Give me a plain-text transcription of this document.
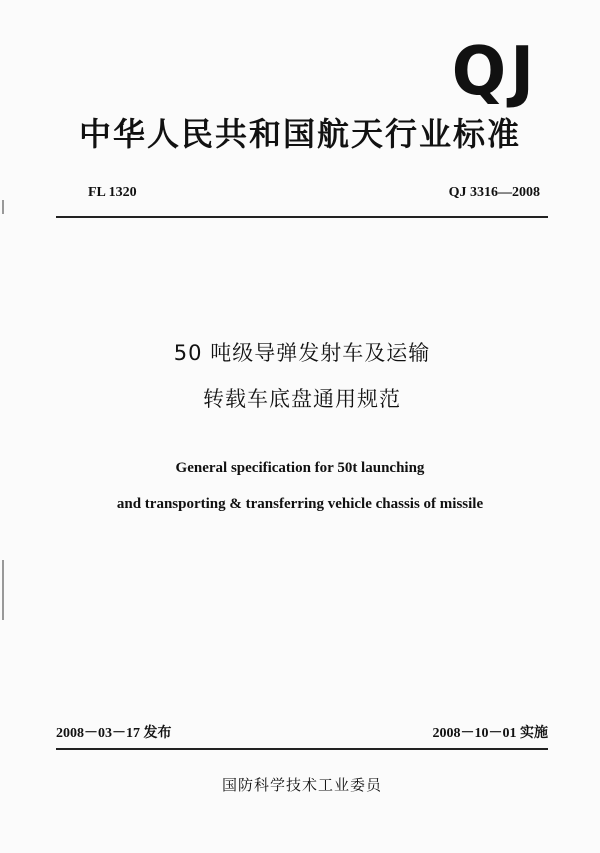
QJ
中华人民共和国航天行业标准
FL 1320	QJ 3316—2008
50 吨级导弹发射车及运输
转载车底盘通用规范
General specification for 50t launching
and transporting & transferring vehicle chassis of missile
2008－03－17 发布	2008－10－01 实施
国防科学技术工业委员
